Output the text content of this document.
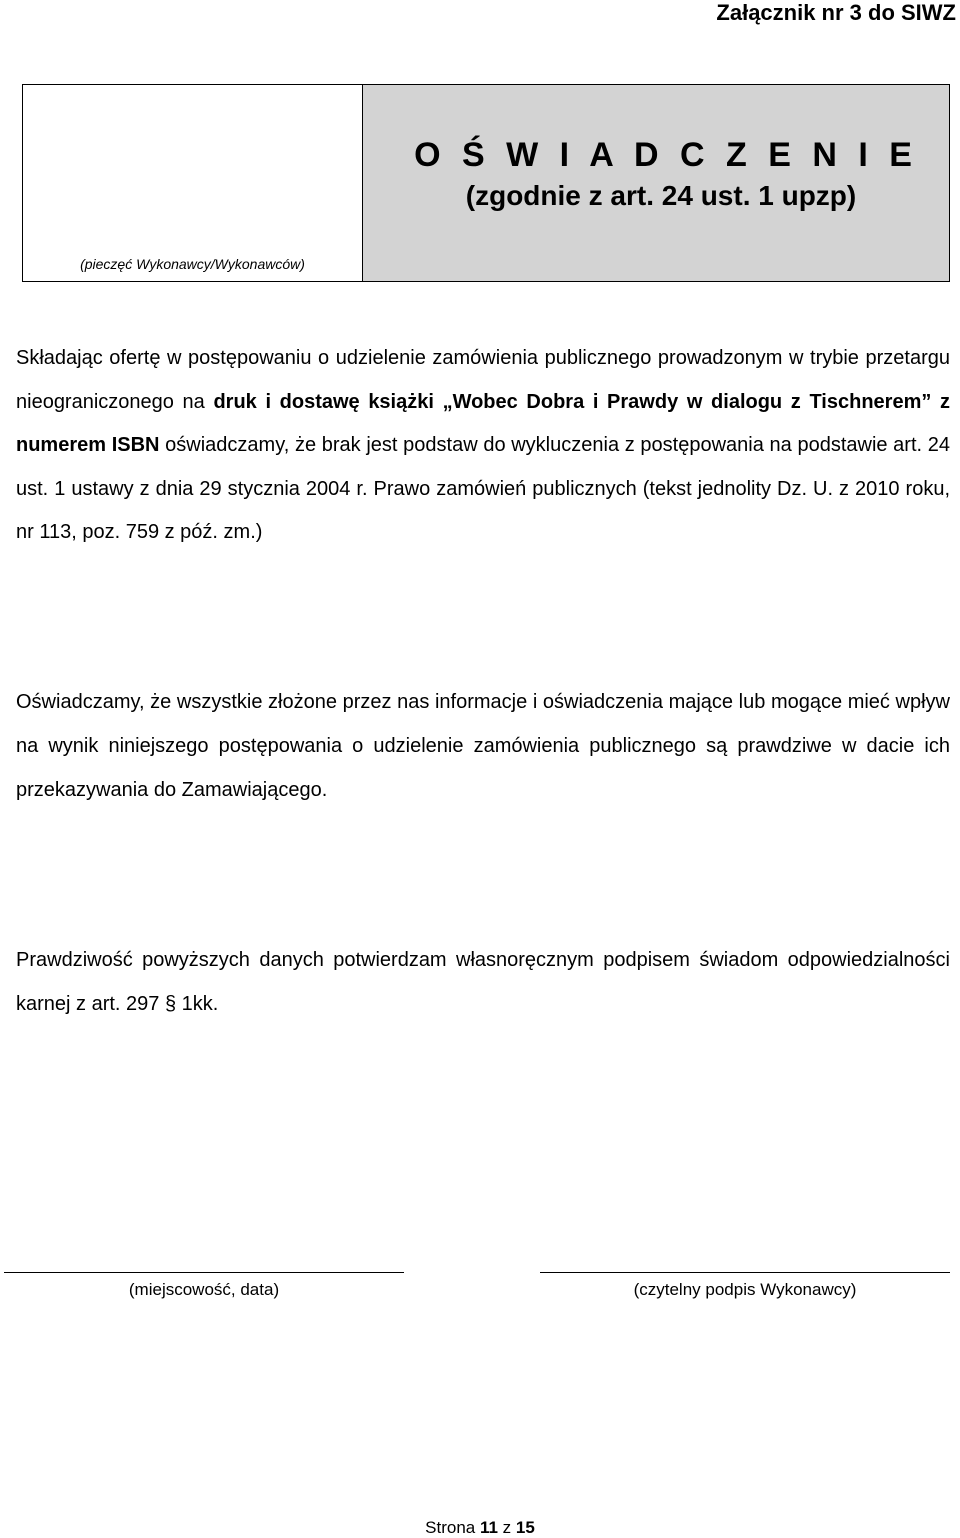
Załącznik nr 3 do SIWZ

(pieczęć Wykonawcy/Wykonawców)
O Ś W I A D C Z E N I E
(zgodnie z art. 24 ust. 1 upzp)

Składając ofertę w postępowaniu o udzielenie zamówienia publicznego prowadzonym w trybie przetargu nieograniczonego na druk i dostawę książki „Wobec Dobra i Prawdy w dialogu z Tischnerem” z numerem ISBN oświadczamy, że brak jest podstaw do wykluczenia z postępowania na podstawie art. 24 ust. 1 ustawy z dnia 29 stycznia 2004 r. Prawo zamówień publicznych (tekst jednolity Dz. U. z 2010 roku, nr 113, poz. 759 z póź. zm.)

Oświadczamy, że wszystkie złożone przez nas informacje i oświadczenia mające lub mogące mieć wpływ na wynik niniejszego postępowania o udzielenie zamówienia publicznego są prawdziwe w dacie ich przekazywania do Zamawiającego.

Prawdziwość powyższych danych potwierdzam własnoręcznym podpisem świadom odpowiedzialności karnej z art. 297 § 1kk.

(miejscowość, data)	(czytelny podpis Wykonawcy)
Strona 11 z 15
